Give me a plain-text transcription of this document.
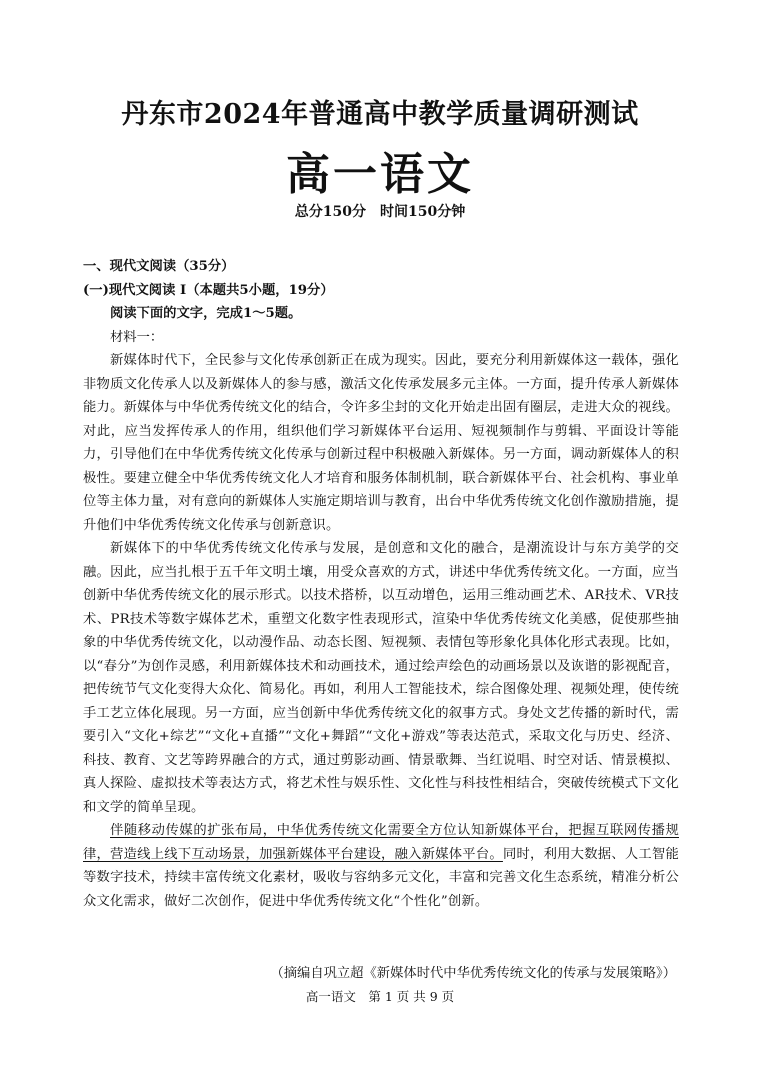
丹东市2024年普通高中教学质量调研测试
高一语文
总分150分　时间150分钟
一、现代文阅读（35分）
(一)现代文阅读 I（本题共5小题，19分）
阅读下面的文字，完成1～5题。
材料一：

新媒体时代下，全民参与文化传承创新正在成为现实。因此，要充分利用新媒体这一载体，强化非物质文化传承人以及新媒体人的参与感，激活文化传承发展多元主体。一方面，提升传承人新媒体能力。新媒体与中华优秀传统文化的结合，令许多尘封的文化开始走出固有圈层，走进大众的视线。对此，应当发挥传承人的作用，组织他们学习新媒体平台运用、短视频制作与剪辑、平面设计等能力，引导他们在中华优秀传统文化传承与创新过程中积极融入新媒体。另一方面，调动新媒体人的积极性。要建立健全中华优秀传统文化人才培育和服务体制机制，联合新媒体平台、社会机构、事业单位等主体力量，对有意向的新媒体人实施定期培训与教育，出台中华优秀传统文化创作激励措施，提升他们中华优秀传统文化传承与创新意识。

新媒体下的中华优秀传统文化传承与发展，是创意和文化的融合，是潮流设计与东方美学的交融。因此，应当扎根于五千年文明土壤，用受众喜欢的方式，讲述中华优秀传统文化。一方面，应当创新中华优秀传统文化的展示形式。以技术搭桥，以互动增色，运用三维动画艺术、AR技术、VR技术、PR技术等数字媒体艺术，重塑文化数字性表现形式，渲染中华优秀传统文化美感，促使那些抽象的中华优秀传统文化，以动漫作品、动态长图、短视频、表情包等形象化具体化形式表现。比如，以“春分”为创作灵感，利用新媒体技术和动画技术，通过绘声绘色的动画场景以及诙谐的影视配音，把传统节气文化变得大众化、简易化。再如，利用人工智能技术，综合图像处理、视频处理，使传统手工艺立体化展现。另一方面，应当创新中华优秀传统文化的叙事方式。身处文艺传播的新时代，需要引入“文化+综艺”“文化+直播”“文化+舞蹈”“文化+游戏”等表达范式，采取文化与历史、经济、科技、教育、文艺等跨界融合的方式，通过剪影动画、情景歌舞、当红说唱、时空对话、情景模拟、真人探险、虚拟技术等表达方式，将艺术性与娱乐性、文化性与科技性相结合，突破传统模式下文化和文学的简单呈现。

伴随移动传媒的扩张布局，中华优秀传统文化需要全方位认知新媒体平台，把握互联网传播规律，营造线上线下互动场景，加强新媒体平台建设，融入新媒体平台。同时，利用大数据、人工智能等数字技术，持续丰富传统文化素材，吸收与容纳多元文化，丰富和完善文化生态系统，精准分析公众文化需求，做好二次创作，促进中华优秀传统文化“个性化”创新。

（摘编自巩立超《新媒体时代中华优秀传统文化的传承与发展策略》）
高一语文　第 1 页 共 9 页
